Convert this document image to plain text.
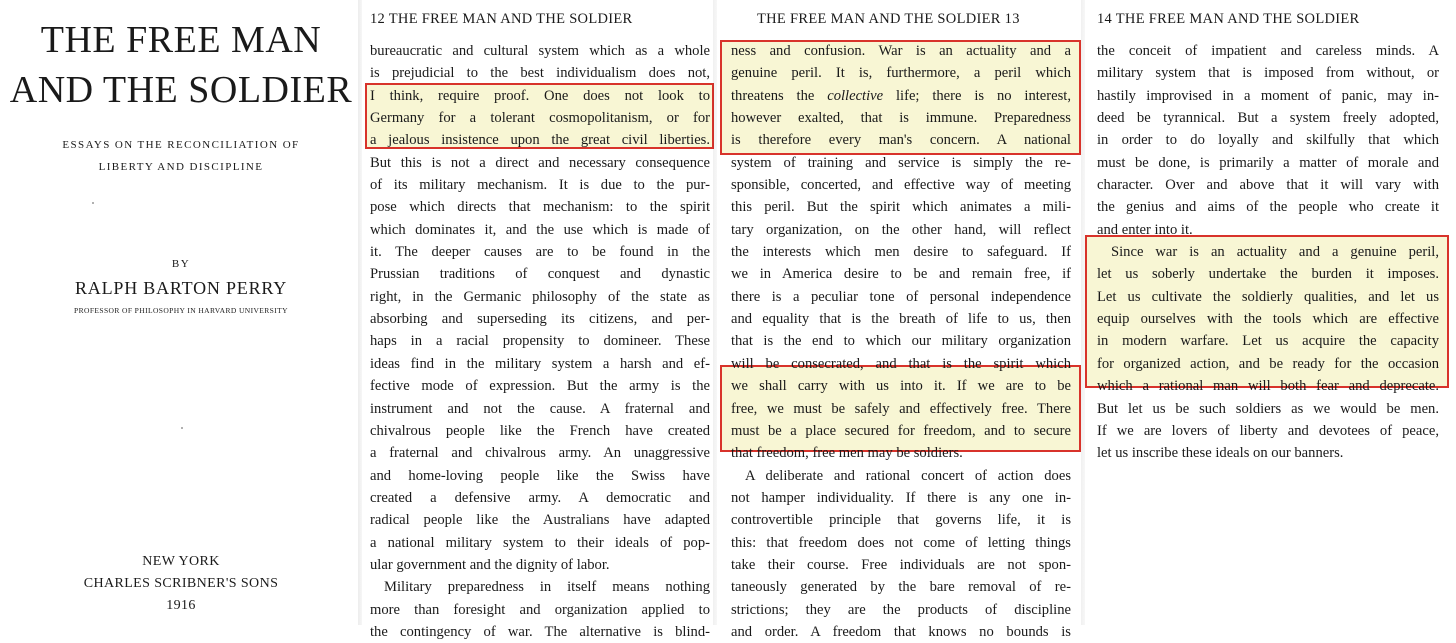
THE FREE MAN
AND THE SOLDIER
ESSAYS ON THE RECONCILIATION OF
LIBERTY AND DISCIPLINE
BY
RALPH BARTON PERRY
PROFESSOR OF PHILOSOPHY IN HARVARD UNIVERSITY
NEW YORK
CHARLES SCRIBNER'S SONS
1916
12 THE FREE MAN AND THE SOLDIER
bureaucratic and cultural system which as a whole
is prejudicial to the best individualism does not,
I think, require proof. One does not look to
Germany for a tolerant cosmopolitanism, or for
a jealous insistence upon the great civil liberties.
But this is not a direct and necessary consequence
of its military mechanism. It is due to the pur-
pose which directs that mechanism: to the spirit
which dominates it, and the use which is made of
it. The deeper causes are to be found in the
Prussian traditions of conquest and dynastic
right, in the Germanic philosophy of the state as
absorbing and superseding its citizens, and per-
haps in a racial propensity to domineer. These
ideas find in the military system a harsh and ef-
fective mode of expression. But the army is the
instrument and not the cause. A fraternal and
chivalrous people like the French have created
a fraternal and chivalrous army. An unaggressive
and home-loving people like the Swiss have
created a defensive army. A democratic and
radical people like the Australians have adapted
a national military system to their ideals of pop-
ular government and the dignity of labor.
Military preparedness in itself means nothing
more than foresight and organization applied to
the contingency of war. The alternative is blind-
THE FREE MAN AND THE SOLDIER 13
ness and confusion. War is an actuality and a
genuine peril. It is, furthermore, a peril which
threatens the collective life; there is no interest,
however exalted, that is immune. Preparedness
is therefore every man's concern. A national
system of training and service is simply the re-
sponsible, concerted, and effective way of meeting
this peril. But the spirit which animates a mili-
tary organization, on the other hand, will reflect
the interests which men desire to safeguard. If
we in America desire to be and remain free, if
there is a peculiar tone of personal independence
and equality that is the breath of life to us, then
that is the end to which our military organization
will be consecrated, and that is the spirit which
we shall carry with us into it. If we are to be
free, we must be safely and effectively free. There
must be a place secured for freedom, and to secure
that freedom, free men may be soldiers.
A deliberate and rational concert of action does
not hamper individuality. If there is any one in-
controvertible principle that governs life, it is
this: that freedom does not come of letting things
take their course. Free individuals are not spon-
taneously generated by the bare removal of re-
strictions; they are the products of discipline
and order. A freedom that knows no bounds is
14 THE FREE MAN AND THE SOLDIER
the conceit of impatient and careless minds. A
military system that is imposed from without, or
hastily improvised in a moment of panic, may in-
deed be tyrannical. But a system freely adopted,
in order to do loyally and skilfully that which
must be done, is primarily a matter of morale and
character. Over and above that it will vary with
the genius and aims of the people who create it
and enter into it.
Since war is an actuality and a genuine peril,
let us soberly undertake the burden it imposes.
Let us cultivate the soldierly qualities, and let us
equip ourselves with the tools which are effective
in modern warfare. Let us acquire the capacity
for organized action, and be ready for the occasion
which a rational man will both fear and deprecate.
But let us be such soldiers as we would be men.
If we are lovers of liberty and devotees of peace,
let us inscribe these ideals on our banners.
